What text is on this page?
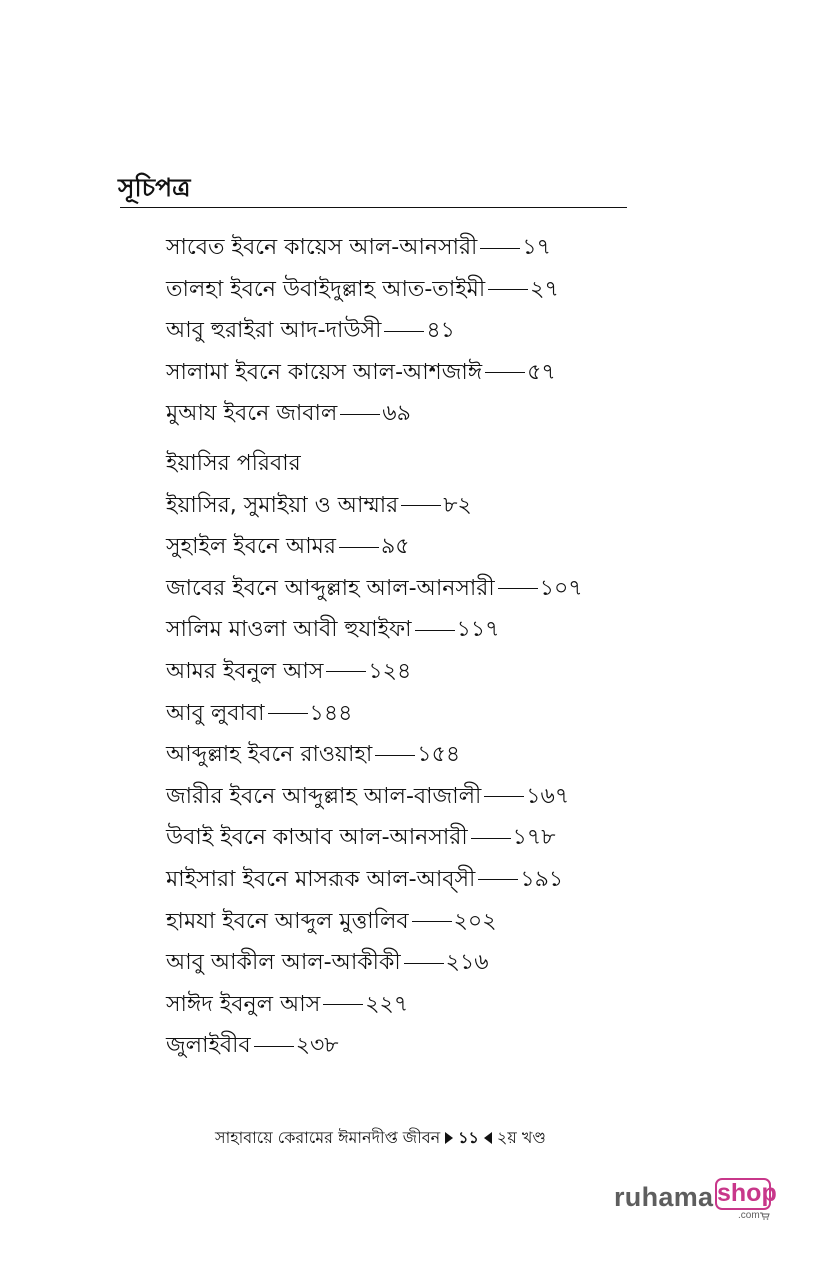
সূচিপত্র
সাবেত ইবনে কায়েস আল-আনসারী ১৭
তালহা ইবনে উবাইদুল্লাহ আত-তাইমী ২৭
আবু হুরাইরা আদ-দাউসী ৪১
সালামা ইবনে কায়েস আল-আশজাঈ ৫৭
মুআয ইবনে জাবাল ৬৯
ইয়াসির পরিবার
ইয়াসির, সুমাইয়া ও আম্মার ৮২
সুহাইল ইবনে আমর ৯৫
জাবের ইবনে আব্দুল্লাহ আল-আনসারী ১০৭
সালিম মাওলা আবী হুযাইফা ১১৭
আমর ইবনুল আস ১২৪
আবু লুবাবা ১৪৪
আব্দুল্লাহ ইবনে রাওয়াহা ১৫৪
জারীর ইবনে আব্দুল্লাহ আল-বাজালী ১৬৭
উবাই ইবনে কাআব আল-আনসারী ১৭৮
মাইসারা ইবনে মাসরূক আল-আব্সী ১৯১
হামযা ইবনে আব্দুল মুত্তালিব ২০২
আবু আকীল আল-আকীকী ২১৬
সাঈদ ইবনুল আস ২২৭
জুলাইবীব ২৩৮
সাহাবায়ে কেরামের ঈমানদীপ্ত জীবন ১১ ২য় খণ্ড
ruhama shop
.com
